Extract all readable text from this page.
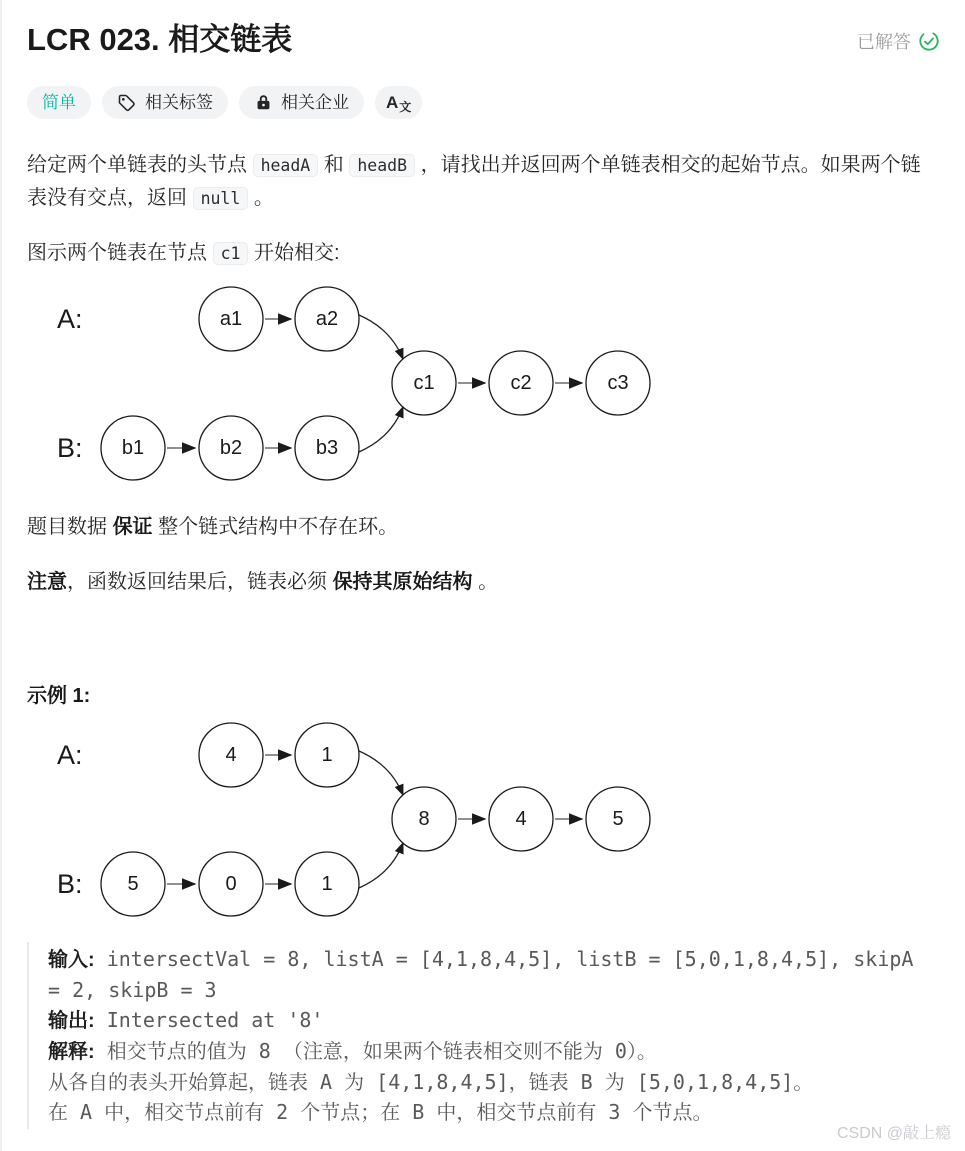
LCR 023. 相交链表	已解答
简单	相关标签	相关企业 A文

给定两个单链表的头节点 headA 和 headB ，请找出并返回两个单链表相交的起始节点。如果两个链表没有交点，返回 null 。

图示两个链表在节点 c1 开始相交:

A:
B:
a1	a2
c1	c2	c3
b1	b2	b3

题目数据 保证 整个链式结构中不存在环。

注意，函数返回结果后，链表必须 保持其原始结构 。

示例 1:

A:
B:
4	1
8	4	5
5	0	1
输入: intersectVal = 8, listA = [4,1,8,4,5], listB = [5,0,1,8,4,5], skipA = 2, skipB = 3
输出: Intersected at '8'
解释: 相交节点的值为 8 （注意，如果两个链表相交则不能为 0）。
从各自的表头开始算起，链表 A 为 [4,1,8,4,5]，链表 B 为 [5,0,1,8,4,5]。
在 A 中，相交节点前有 2 个节点；在 B 中，相交节点前有 3 个节点。
CSDN @敲上瘾
